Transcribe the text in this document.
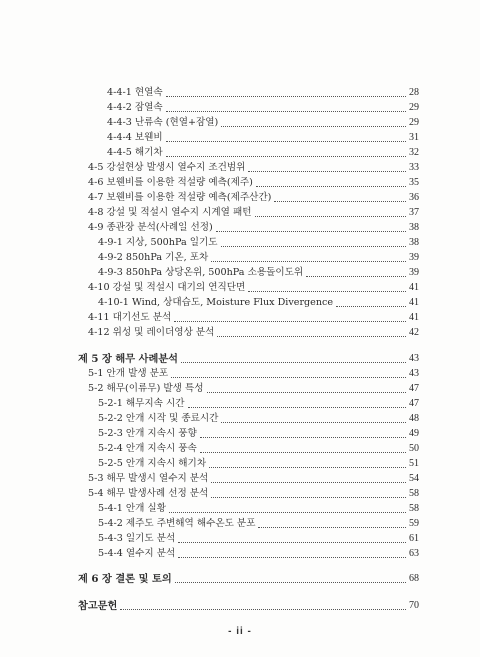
4-4-1 현열속	28
4-4-2 잠열속	29
4-4-3 난류속 (현열+잠열)	29
4-4-4 보웬비	31
4-4-5 해기차	32
4-5 강설현상 발생시 열수지 조건범위	33
4-6 보웬비를 이용한 적설량 예측(제주)	35
4-7 보웬비를 이용한 적설량 예측(제주산간)	36
4-8 강설 및 적설시 열수지 시계열 패턴	37
4-9 종관장 분석(사례일 선정)	38
4-9-1 지상, 500hPa 일기도	38
4-9-2 850hPa 기온, 포차	39
4-9-3 850hPa 상당온위, 500hPa 소용돌이도위	39
4-10 강설 및 적설시 대기의 연직단면	41
4-10-1 Wind, 상대습도, Moisture Flux Divergence	41
4-11 대기선도 분석	41
4-12 위성 및 레이더영상 분석	42
제 5 장 해무 사례분석	43
5-1 안개 발생 분포	43
5-2 해무(이류무) 발생 특성	47
5-2-1 해무지속 시간	47
5-2-2 안개 시작 및 종료시간	48
5-2-3 안개 지속시 풍향	49
5-2-4 안개 지속시 풍속	50
5-2-5 안개 지속시 해기차	51
5-3 해무 발생시 열수지 분석	54
5-4 해무 발생사례 선정 분석	58
5-4-1 안개 실황	58
5-4-2 제주도 주변해역 해수온도 분포	59
5-4-3 일기도 분석	61
5-4-4 열수지 분석	63
제 6 장 결론 및 토의	68
참고문헌	70
- ii -
